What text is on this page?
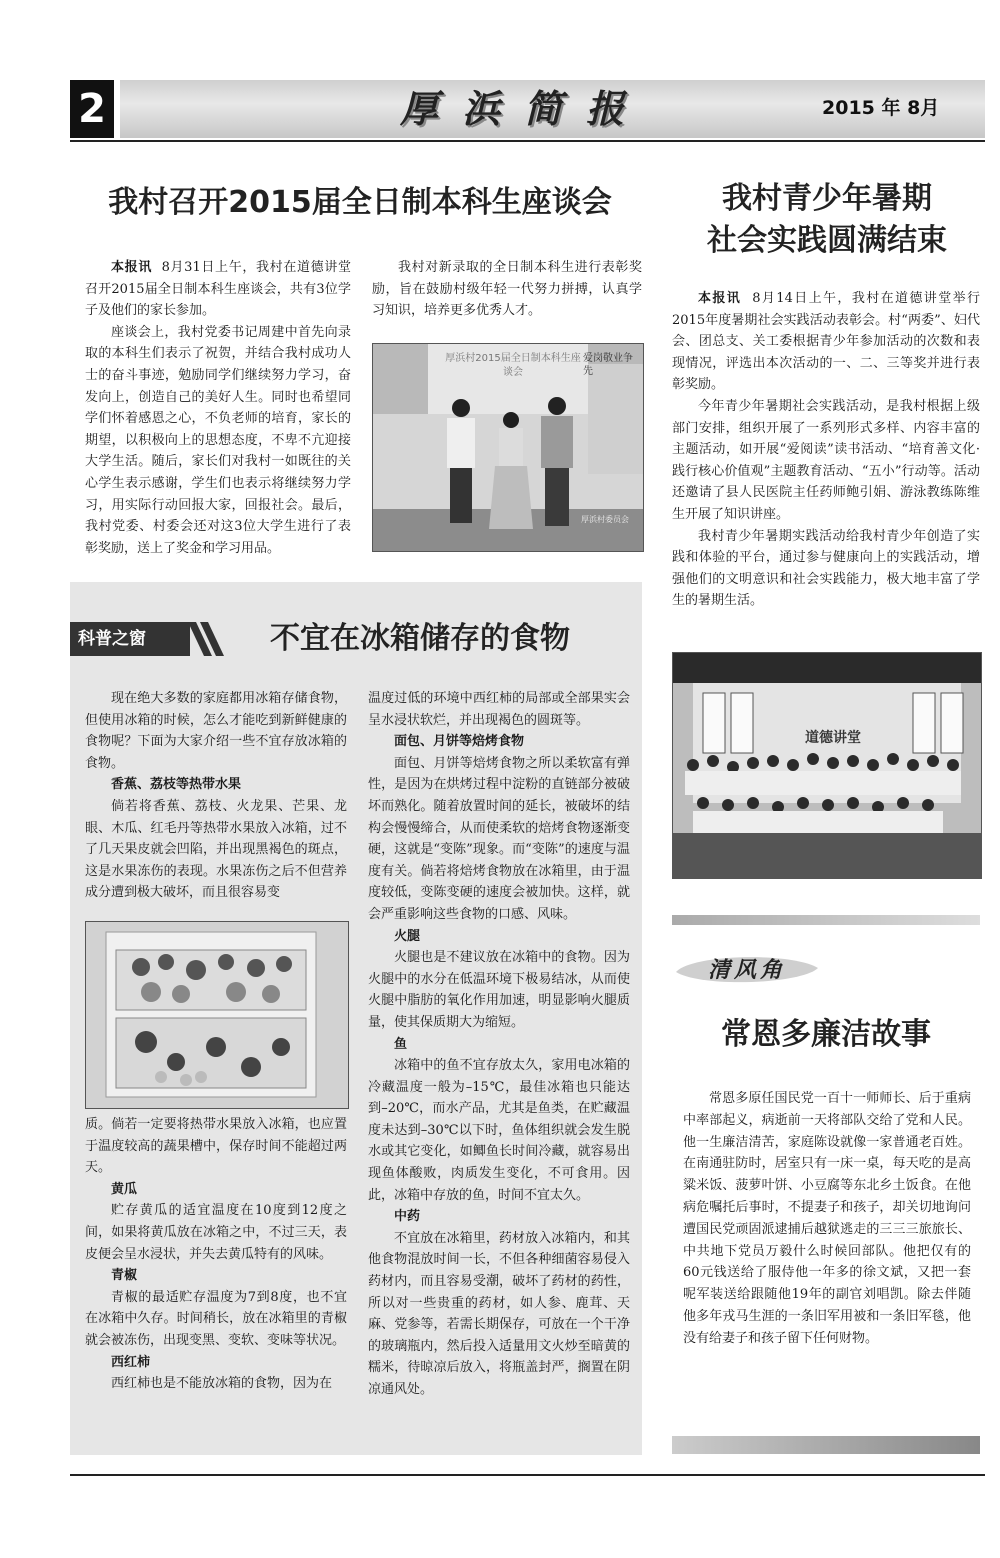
2	厚浜简报	2015 年 8月
我村召开2015届全日制本科生座谈会

本报讯 8月31日上午，我村在道德讲堂召开2015届全日制本科生座谈会，共有3位学子及他们的家长参加。

座谈会上，我村党委书记周建中首先向录取的本科生们表示了祝贺，并结合我村成功人士的奋斗事迹，勉励同学们继续努力学习，奋发向上，创造自己的美好人生。同时也希望同学们怀着感恩之心，不负老师的培育，家长的期望，以积极向上的思想态度，不卑不亢迎接大学生活。随后，家长们对我村一如既往的关心学生表示感谢，学生们也表示将继续努力学习，用实际行动回报大家，回报社会。最后，我村党委、村委会还对这3位大学生进行了表彰奖励，送上了奖金和学习用品。

我村对新录取的全日制本科生进行表彰奖励，旨在鼓励村级年轻一代努力拼搏，认真学习知识，培养更多优秀人才。

厚浜村2015届全日制本科生座谈会
爱岗敬业争先
厚浜村委员会
我村青少年暑期
社会实践圆满结束

本报讯 8月14日上午，我村在道德讲堂举行2015年度暑期社会实践活动表彰会。村“两委”、妇代会、团总支、关工委根据青少年参加活动的次数和表现情况，评选出本次活动的一、二、三等奖并进行表彰奖励。

今年青少年暑期社会实践活动，是我村根据上级部门安排，组织开展了一系列形式多样、内容丰富的主题活动，如开展“爱阅读”读书活动、“培育善文化·践行核心价值观”主题教育活动、“五小”行动等。活动还邀请了县人民医院主任药师鲍引娟、游泳教练陈维生开展了知识讲座。

我村青少年暑期实践活动给我村青少年创造了实践和体验的平台，通过参与健康向上的实践活动，增强他们的文明意识和社会实践能力，极大地丰富了学生的暑期生活。

道德讲堂
科普之窗	不宜在冰箱储存的食物

现在绝大多数的家庭都用冰箱存储食物，但使用冰箱的时候，怎么才能吃到新鲜健康的食物呢？下面为大家介绍一些不宜存放冰箱的食物。

香蕉、荔枝等热带水果

倘若将香蕉、荔枝、火龙果、芒果、龙眼、木瓜、红毛丹等热带水果放入冰箱，过不了几天果皮就会凹陷，并出现黑褐色的斑点，这是水果冻伤的表现。水果冻伤之后不但营养成分遭到极大破坏，而且很容易变

质。倘若一定要将热带水果放入冰箱，也应置于温度较高的蔬果槽中，保存时间不能超过两天。

黄瓜

贮存黄瓜的适宜温度在10度到12度之间，如果将黄瓜放在冰箱之中，不过三天，表皮便会呈水浸状，并失去黄瓜特有的风味。

青椒

青椒的最适贮存温度为7到8度，也不宜在冰箱中久存。时间稍长，放在冰箱里的青椒就会被冻伤，出现变黑、变软、变味等状况。

西红柿

西红柿也是不能放冰箱的食物，因为在

温度过低的环境中西红柿的局部或全部果实会呈水浸状软烂，并出现褐色的圆斑等。

面包、月饼等焙烤食物

面包、月饼等焙烤食物之所以柔软富有弹性，是因为在烘烤过程中淀粉的直链部分被破坏而熟化。随着放置时间的延长，被破坏的结构会慢慢缔合，从而使柔软的焙烤食物逐渐变硬，这就是“变陈”现象。而“变陈”的速度与温度有关。倘若将焙烤食物放在冰箱里，由于温度较低，变陈变硬的速度会被加快。这样，就会严重影响这些食物的口感、风味。

火腿

火腿也是不建议放在冰箱中的食物。因为火腿中的水分在低温环境下极易结冰，从而使火腿中脂肪的氧化作用加速，明显影响火腿质量，使其保质期大为缩短。

鱼

冰箱中的鱼不宜存放太久，家用电冰箱的冷藏温度一般为–15℃，最佳冰箱也只能达到–20℃，而水产品，尤其是鱼类，在贮藏温度未达到–30℃以下时，鱼体组织就会发生脱水或其它变化，如鲫鱼长时间冷藏，就容易出现鱼体酸败，肉质发生变化，不可食用。因此，冰箱中存放的鱼，时间不宜太久。

中药

不宜放在冰箱里，药材放入冰箱内，和其他食物混放时间一长，不但各种细菌容易侵入药材内，而且容易受潮，破坏了药材的药性，所以对一些贵重的药材，如人参、鹿茸、天麻、党参等，若需长期保存，可放在一个干净的玻璃瓶内，然后投入适量用文火炒至暗黄的糯米，待晾凉后放入，将瓶盖封严，搁置在阴凉通风处。

清风角
常恩多廉洁故事

常恩多原任国民党一百十一师师长、后于重病中率部起义，病逝前一天将部队交给了党和人民。他一生廉洁清苦，家庭陈设就像一家普通老百姓。在南通驻防时，居室只有一床一桌，每天吃的是高粱米饭、菠萝叶饼、小豆腐等东北乡土饭食。在他病危嘱托后事时，不提妻子和孩子，却关切地询问遭国民党顽固派逮捕后越狱逃走的三三三旅旅长、中共地下党员万毅什么时候回部队。他把仅有的60元钱送给了服侍他一年多的徐文斌，又把一套呢军装送给跟随他19年的副官刘唱凯。除去伴随他多年戎马生涯的一条旧军用被和一条旧军毯，他没有给妻子和孩子留下任何财物。
